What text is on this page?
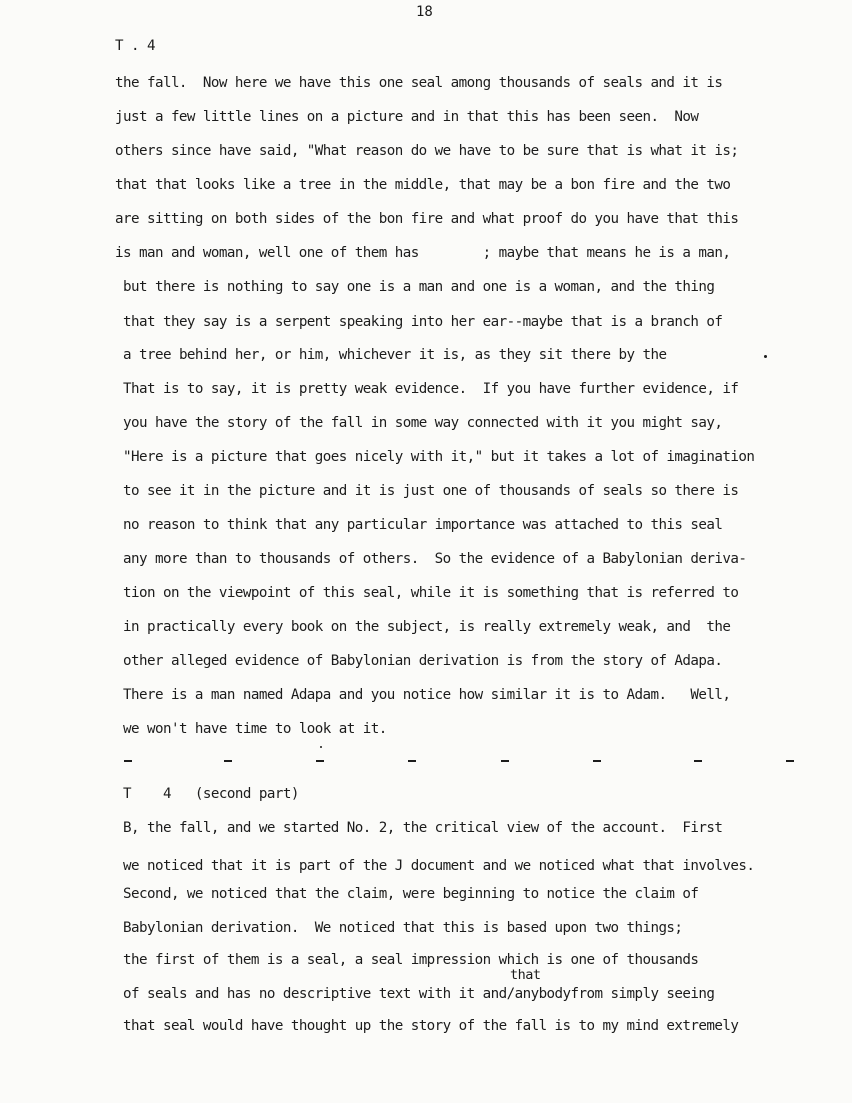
18
T . 4
the fall.  Now here we have this one seal among thousands of seals and it is
just a few little lines on a picture and in that this has been seen.  Now
others since have said, "What reason do we have to be sure that is what it is;
that that looks like a tree in the middle, that may be a bon fire and the two
are sitting on both sides of the bon fire and what proof do you have that this
is man and woman, well one of them has        ; maybe that means he is a man,
but there is nothing to say one is a man and one is a woman, and the thing
that they say is a serpent speaking into her ear--maybe that is a branch of
a tree behind her, or him, whichever it is, as they sit there by the
That is to say, it is pretty weak evidence.  If you have further evidence, if
you have the story of the fall in some way connected with it you might say,
"Here is a picture that goes nicely with it," but it takes a lot of imagination
to see it in the picture and it is just one of thousands of seals so there is
no reason to think that any particular importance was attached to this seal
any more than to thousands of others.  So the evidence of a Babylonian deriva-
tion on the viewpoint of this seal, while it is something that is referred to
in practically every book on the subject, is really extremely weak, and  the
other alleged evidence of Babylonian derivation is from the story of Adapa.
There is a man named Adapa and you notice how similar it is to Adam.   Well,
we won't have time to look at it.
T    4   (second part)
B, the fall, and we started No. 2, the critical view of the account.  First
we noticed that it is part of the J document and we noticed what that involves.
Second, we noticed that the claim, were beginning to notice the claim of
Babylonian derivation.  We noticed that this is based upon two things;
the first of them is a seal, a seal impression which is one of thousands
that
of seals and has no descriptive text with it and/anybodyfrom simply seeing
that seal would have thought up the story of the fall is to my mind extremely
